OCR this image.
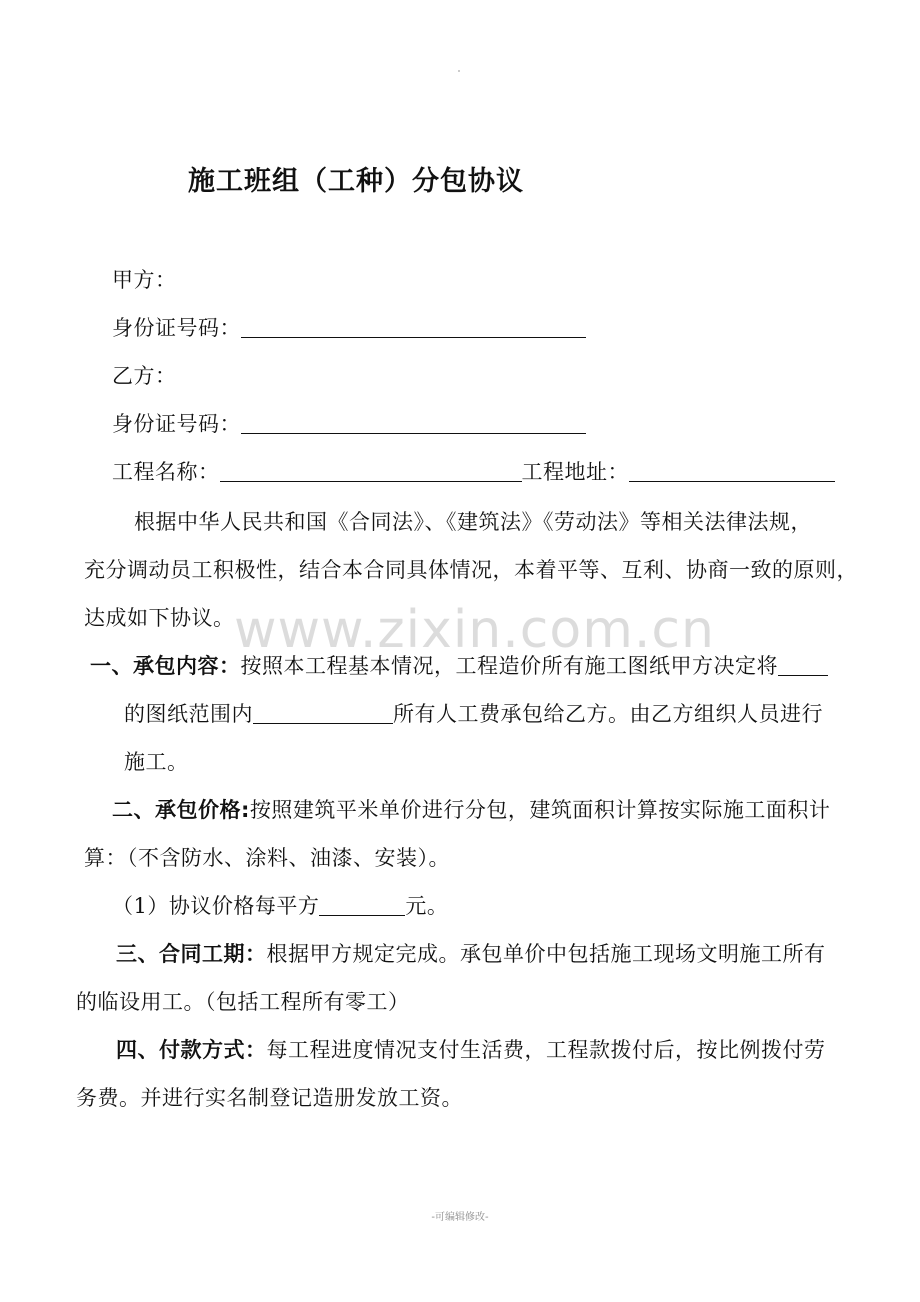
施工班组（工种）分包协议
甲方：
身份证号码：
乙方：
身份证号码：
工程名称：	工程地址：
根据中华人民共和国《合同法》、《建筑法》《劳动法》等相关法律法规，
充分调动员工积极性，结合本合同具体情况，本着平等、互利、协商一致的原则，
达成如下协议。 www.zixin.com.cn
一、承包内容：按照本工程基本情况，工程造价所有施工图纸甲方决定将
的图纸范围内	所有人工费承包给乙方。由乙方组织人员进行
施工。
二、承包价格:按照建筑平米单价进行分包，建筑面积计算按实际施工面积计
算：（不含防水、涂料、油漆、安装）。
（1）协议价格每平方	元。
三、合同工期：根据甲方规定完成。承包单价中包括施工现场文明施工所有
的临设用工。（包括工程所有零工）
四、付款方式：每工程进度情况支付生活费，工程款拨付后，按比例拨付劳
务费。并进行实名制登记造册发放工资。
-可编辑修改-
